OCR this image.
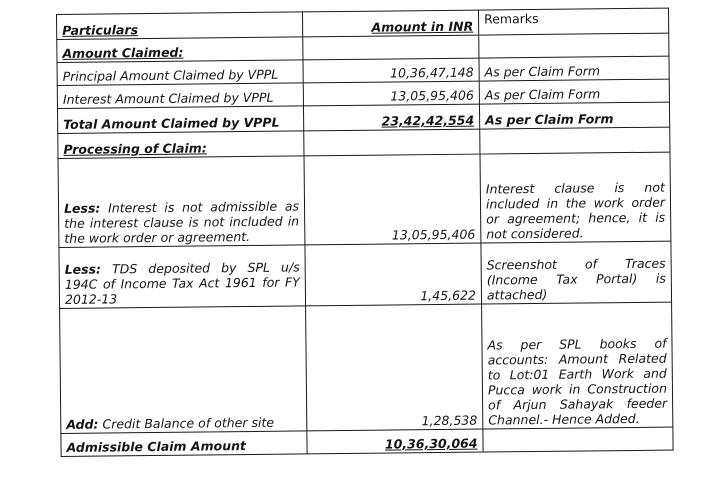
Particulars	Amount in INR	Remarks
Amount Claimed:		
Principal Amount Claimed by VPPL	10,36,47,148	As per Claim Form
Interest Amount Claimed by VPPL	13,05,95,406	As per Claim Form
Total Amount Claimed by VPPL	23,42,42,554	As per Claim Form
Processing of Claim:		
Less: Interest is not admissible as the interest clause is not included in the work order or agreement.	13,05,95,406	Interest clause is not included in the work order or agreement; hence, it is not considered.
Less: TDS deposited by SPL u/s 194C of Income Tax Act 1961 for FY 2012-13	1,45,622	Screenshot of Traces (Income Tax Portal) is attached)
Add: Credit Balance of other site	1,28,538	As per SPL books of accounts: Amount Related to Lot:01 Earth Work and Pucca work in Construction of Arjun Sahayak feeder Channel.- Hence Added.
Admissible Claim Amount	10,36,30,064	
